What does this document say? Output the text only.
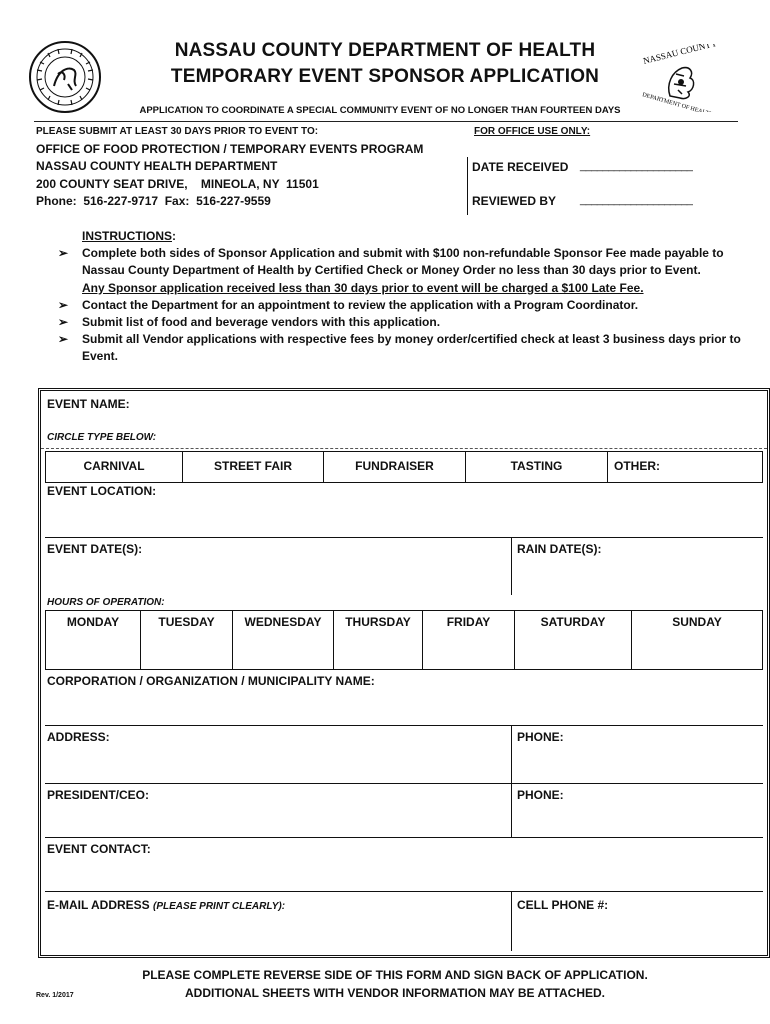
NASSAU COUNTY
DEPARTMENT OF HEALTH
NASSAU COUNTY DEPARTMENT OF HEALTH
TEMPORARY EVENT SPONSOR APPLICATION
APPLICATION TO COORDINATE A SPECIAL COMMUNITY EVENT OF NO LONGER THAN FOURTEEN DAYS
PLEASE SUBMIT AT LEAST 30 DAYS PRIOR TO EVENT TO:
OFFICE OF FOOD PROTECTION / TEMPORARY EVENTS PROGRAM
NASSAU COUNTY HEALTH DEPARTMENT
200 COUNTY SEAT DRIVE,    MINEOLA, NY  11501
Phone:  516-227-9717  Fax:  516-227-9559
FOR OFFICE USE ONLY:
DATE RECEIVED ____________________
REVIEWED BY ____________________
INSTRUCTIONS:
➢	Complete both sides of Sponsor Application and submit with $100 non-refundable Sponsor Fee made payable to
Nassau County Department of Health by Certified Check or Money Order no less than 30 days prior to Event.
Any Sponsor application received less than 30 days prior to event will be charged a $100 Late Fee.
➢	Contact the Department for an appointment to review the application with a Program Coordinator.
➢	Submit list of food and beverage vendors with this application.
➢	Submit all Vendor applications with respective fees by money order/certified check at least 3 business days prior to
Event.
EVENT NAME:
CIRCLE TYPE BELOW:
CARNIVAL	STREET FAIR	FUNDRAISER	TASTING	OTHER:
EVENT LOCATION:
EVENT DATE(S):	RAIN DATE(S):
HOURS OF OPERATION:
MONDAY	TUESDAY	WEDNESDAY	THURSDAY	FRIDAY	SATURDAY	SUNDAY
CORPORATION / ORGANIZATION / MUNICIPALITY NAME:
ADDRESS:	PHONE:
PRESIDENT/CEO:	PHONE:
EVENT CONTACT:
E-MAIL ADDRESS (PLEASE PRINT CLEARLY):	CELL PHONE #:
PLEASE COMPLETE REVERSE SIDE OF THIS FORM AND SIGN BACK OF APPLICATION.
ADDITIONAL SHEETS WITH VENDOR INFORMATION MAY BE ATTACHED.
Rev. 1/2017
